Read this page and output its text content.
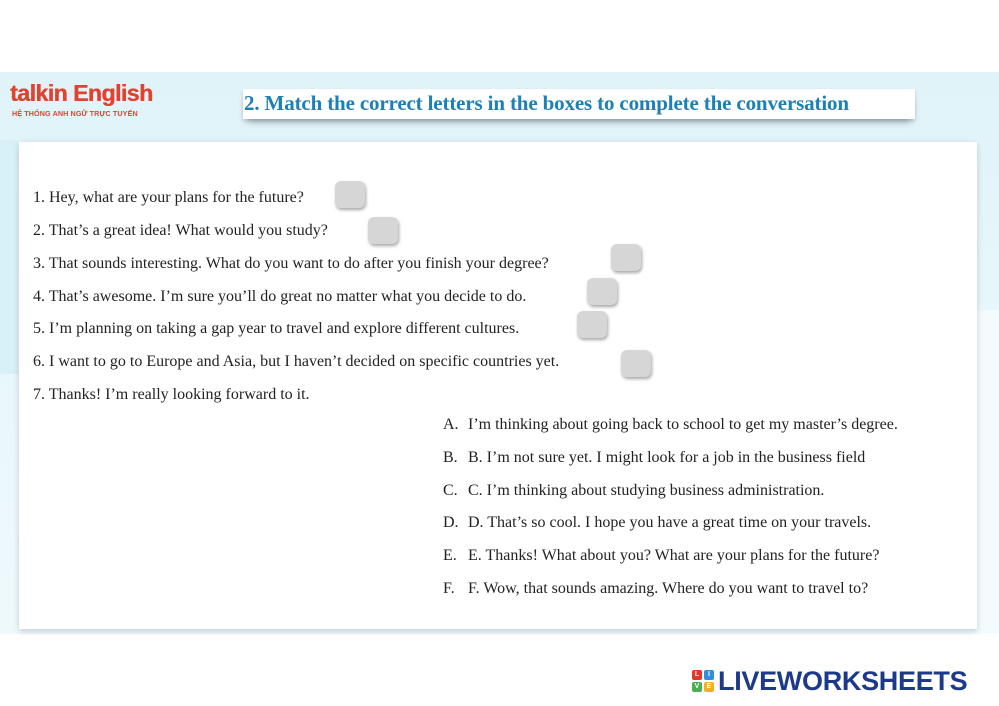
talkin English
HỆ THỐNG ANH NGỮ TRỰC TUYẾN	2. Match the correct letters in the boxes to complete the conversation
1. Hey, what are your plans for the future?
2. That’s a great idea! What would you study?
3. That sounds interesting. What do you want to do after you finish your degree?
4. That’s awesome. I’m sure you’ll do great no matter what you decide to do.
5. I’m planning on taking a gap year to travel and explore different cultures.
6. I want to go to Europe and Asia, but I haven’t decided on specific countries yet.
7. Thanks! I’m really looking forward to it.
A. I’m thinking about going back to school to get my master’s degree.
B. B. I’m not sure yet. I might look for a job in the business field
C. C. I’m thinking about studying business administration.
D. D. That’s so cool. I hope you have a great time on your travels.
E. E. Thanks! What about you? What are your plans for the future?
F. F. Wow, that sounds amazing. Where do you want to travel to?
L	I
V	E LIVEWORKSHEETS
